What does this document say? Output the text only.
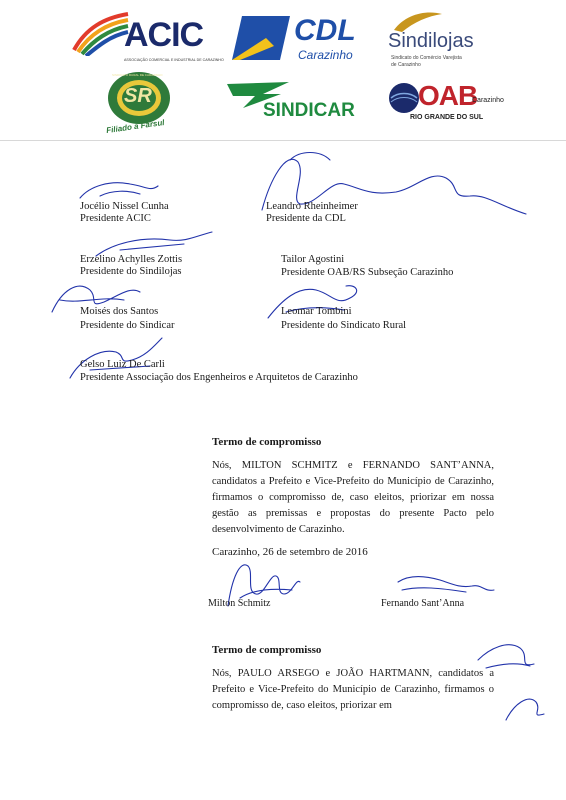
ACIC
ASSOCIAÇÃO COMERCIAL E INDUSTRIAL DE CARAZINHO
CDL
Carazinho
Sindilojas
Sindicato do Comércio Varejista
de Carazinho
SR
SINDICATO RURAL DE CARAZINHO
Filiado a Farsul
SINDICAR OAB
Carazinho
RIO GRANDE DO SUL
Jocélio Nissel Cunha
Presidente ACIC
Leandro Rheinheimer
Presidente da CDL
Erzelino Achylles Zottis
Presidente do Sindilojas
Tailor Agostini
Presidente OAB/RS Subseção Carazinho
Moisés dos Santos
Presidente do Sindicar
Leomar Tombini
Presidente do Sindicato Rural
Gelso Luiz De Carli
Presidente Associação dos Engenheiros e Arquitetos de Carazinho
Termo de compromisso
Nós, MILTON SCHMITZ e FERNANDO SANT’ANNA, candidatos a Prefeito e Vice-Prefeito do Município de Carazinho, firmamos o compromisso de, caso eleitos, priorizar em nossa gestão as premissas e propostas do presente Pacto pelo desenvolvimento de Carazinho.
Carazinho, 26 de setembro de 2016
Milton Schmitz	Fernando Sant’Anna
Termo de compromisso
Nós, PAULO ARSEGO e JOÃO HARTMANN, candidatos a Prefeito e Vice-Prefeito do Município de Carazinho, firmamos o compromisso de, caso eleitos, priorizar em
